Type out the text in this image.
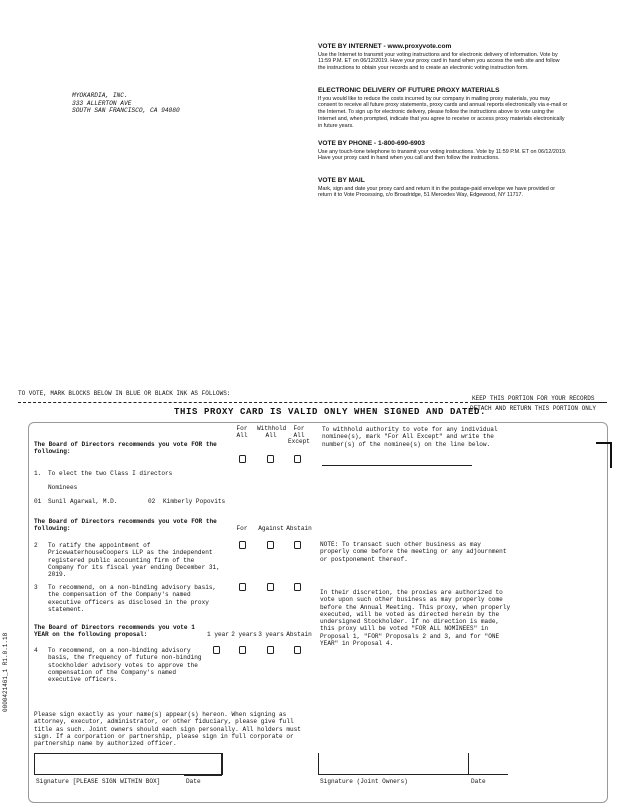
MYOKARDIA, INC.
333 ALLERTON AVE
SOUTH SAN FRANCISCO, CA 94080
VOTE BY INTERNET - www.proxyvote.com

Use the Internet to transmit your voting instructions and for electronic delivery of information. Vote by 11:59 P.M. ET on 06/12/2019. Have your proxy card in hand when you access the web site and follow the instructions to obtain your records and to create an electronic voting instruction form.

ELECTRONIC DELIVERY OF FUTURE PROXY MATERIALS

If you would like to reduce the costs incurred by our company in mailing proxy materials, you may consent to receive all future proxy statements, proxy cards and annual reports electronically via e-mail or the Internet. To sign up for electronic delivery, please follow the instructions above to vote using the Internet and, when prompted, indicate that you agree to receive or access proxy materials electronically in future years.

VOTE BY PHONE - 1-800-690-6903

Use any touch-tone telephone to transmit your voting instructions. Vote by 11:59 P.M. ET on 06/12/2019. Have your proxy card in hand when you call and then follow the instructions.

VOTE BY MAIL

Mark, sign and date your proxy card and return it in the postage-paid envelope we have provided or return it to Vote Processing, c/o Broadridge, 51 Mercedes Way, Edgewood, NY 11717.

TO VOTE, MARK BLOCKS BELOW IN BLUE OR BLACK INK AS FOLLOWS:
KEEP THIS PORTION FOR YOUR RECORDS
THIS PROXY CARD IS VALID ONLY WHEN SIGNED AND DATED.
DETACH AND RETURN THIS PORTION ONLY
The Board of Directors recommends you vote FOR the following:
For All
Withhold All
For All Except
To withhold authority to vote for any individual nominee(s), mark "For All Except" and write the number(s) of the nominee(s) on the line below.
1. To elect the two Class I directors
Nominees
01 Sunil Agarwal, M.D.	02 Kimberly Popovits
The Board of Directors recommends you vote FOR the following:	For	Against Abstain
2 To ratify the appointment of PricewaterhouseCoopers LLP as the independent registered public accounting firm of the Company for its fiscal year ending December 31, 2019.
NOTE: To transact such other business as may properly come before the meeting or any adjournment or postponement thereof.
3 To recommend, on a non-binding advisory basis, the compensation of the Company's named executive officers as disclosed in the proxy statement.
The Board of Directors recommends you vote 1 YEAR on the following proposal:	1 year 2 years 3 years Abstain
4 To recommend, on a non-binding advisory basis, the frequency of future non-binding stockholder advisory votes to approve the compensation of the Company's named executive officers.
In their discretion, the proxies are authorized to vote upon such other business as may properly come before the Annual Meeting. This proxy, when properly executed, will be voted as directed herein by the undersigned Stockholder. If no direction is made, this proxy will be voted "FOR ALL NOMINEES" in Proposal 1, "FOR" Proposals 2 and 3, and for "ONE YEAR" in Proposal 4.
Please sign exactly as your name(s) appear(s) hereon. When signing as attorney, executor, administrator, or other fiduciary, please give full title as such. Joint owners should each sign personally. All holders must sign. If a corporation or partnership, please sign in full corporate or partnership name by authorized officer.
Signature [PLEASE SIGN WITHIN BOX]	Date	Signature (Joint Owners)	Date
0000421461_1 R1.0.1.18
